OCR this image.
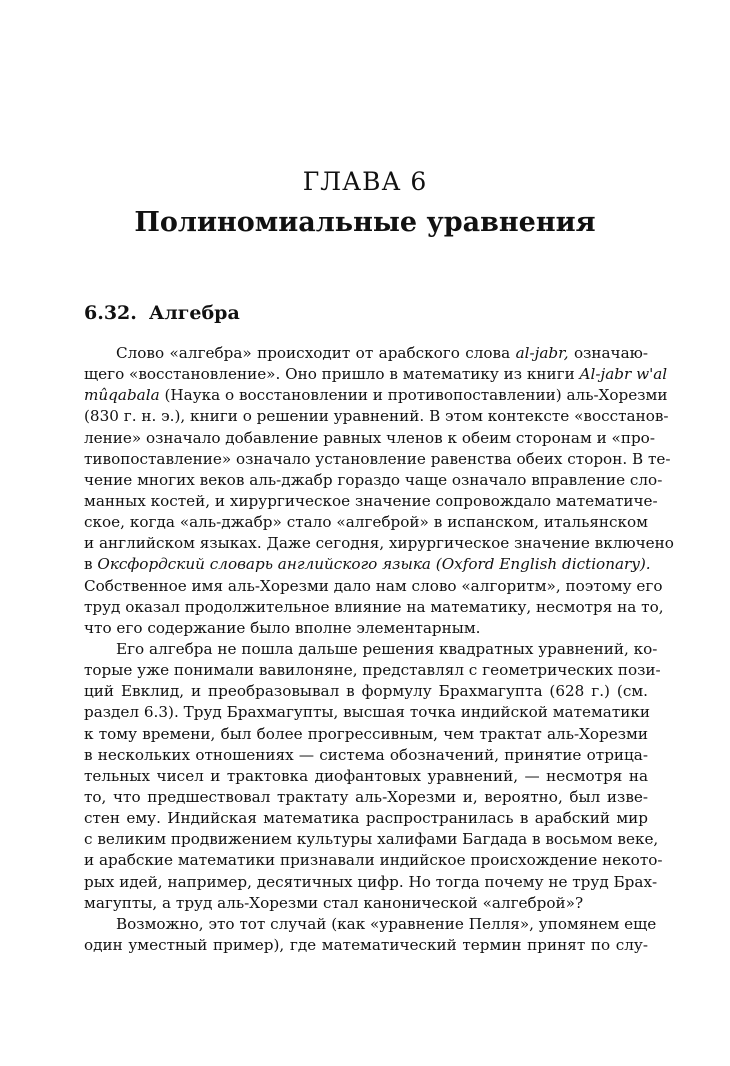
ГЛАВА 6
Полиномиальные уравнения
6.32. Алгебра
Слово «алгебра» происходит от арабского слова al-jabr, означаю-
щего «восстановление». Оно пришло в математику из книги Al-jabr w'al
mûqabala (Наука о восстановлении и противопоставлении) аль-Хорезми
(830 г. н. э.), книги о решении уравнений. В этом контексте «восстанов-
ление» означало добавление равных членов к обеим сторонам и «про-
тивопоставление» означало установление равенства обеих сторон. В те-
чение многих веков аль-джабр гораздо чаще означало вправление сло-
манных костей, и хирургическое значение сопровождало математиче-
ское, когда «аль-джабр» стало «алгеброй» в испанском, итальянском
и английском языках. Даже сегодня, хирургическое значение включено
в Оксфордский словарь английского языка (Oxford English dictionary).
Собственное имя аль-Хорезми дало нам слово «алгоритм», поэтому его
труд оказал продолжительное влияние на математику, несмотря на то,
что его содержание было вполне элементарным.
Его алгебра не пошла дальше решения квадратных уравнений, ко-
торые уже понимали вавилоняне, представлял с геометрических пози-
ций Евклид, и преобразовывал в формулу Брахмагупта (628 г.) (см.
раздел 6.3). Труд Брахмагупты, высшая точка индийской математики
к тому времени, был более прогрессивным, чем трактат аль-Хорезми
в нескольких отношениях — система обозначений, принятие отрица-
тельных чисел и трактовка диофантовых уравнений, — несмотря на
то, что предшествовал трактату аль-Хорезми и, вероятно, был изве-
стен ему. Индийская математика распространилась в арабский мир
с великим продвижением культуры халифами Багдада в восьмом веке,
и арабские математики признавали индийское происхождение некото-
рых идей, например, десятичных цифр. Но тогда почему не труд Брах-
магупты, а труд аль-Хорезми стал канонической «алгеброй»?
Возможно, это тот случай (как «уравнение Пелля», упомянем еще
один уместный пример), где математический термин принят по слу-
